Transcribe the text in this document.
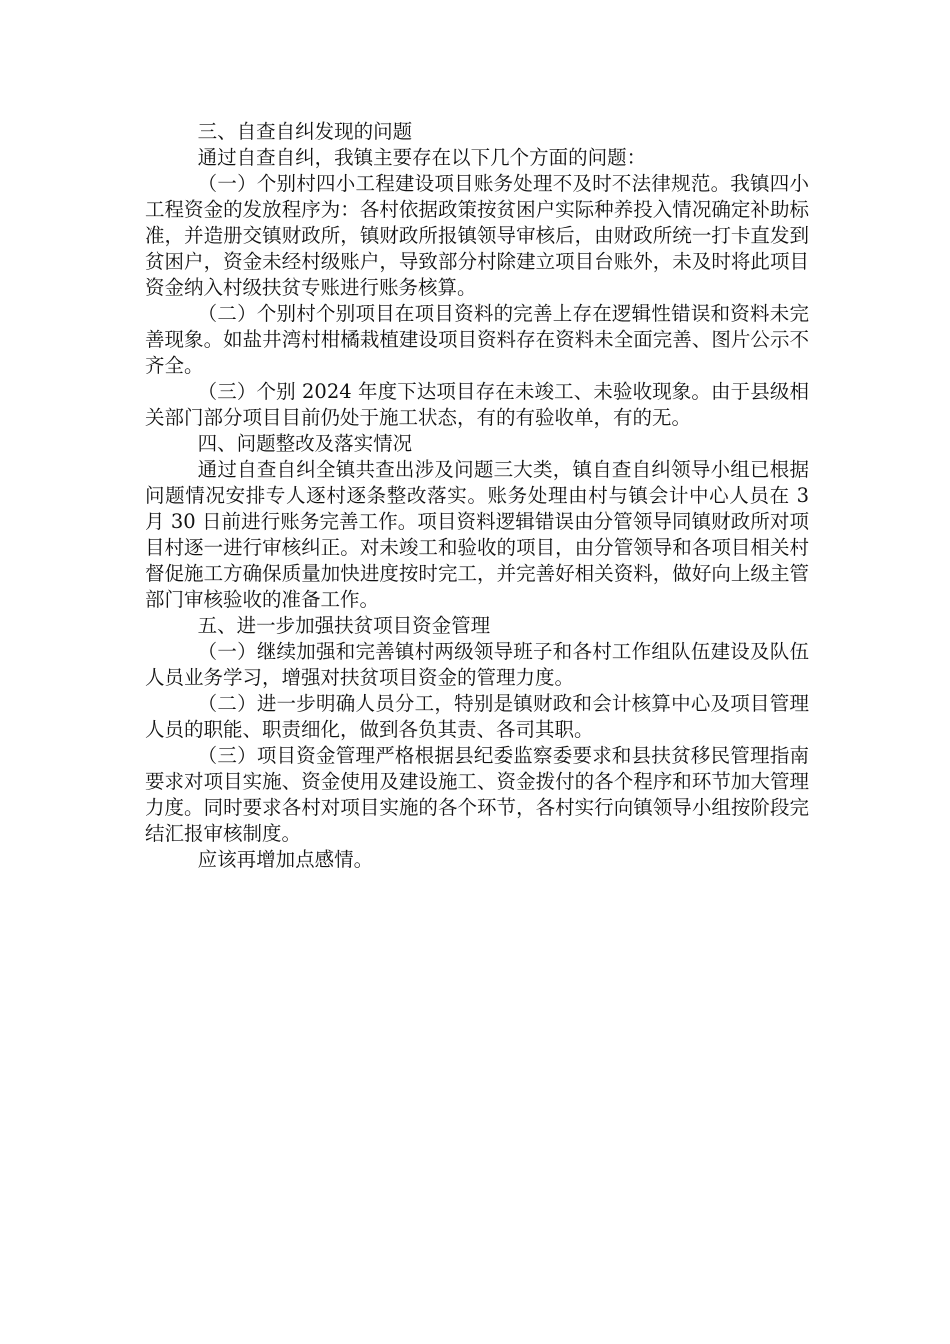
三、自查自纠发现的问题

通过自查自纠，我镇主要存在以下几个方面的问题：

（一）个别村四小工程建设项目账务处理不及时不法律规范。我镇四小工程资金的发放程序为：各村依据政策按贫困户实际种养投入情况确定补助标准，并造册交镇财政所，镇财政所报镇领导审核后，由财政所统一打卡直发到贫困户，资金未经村级账户，导致部分村除建立项目台账外，未及时将此项目资金纳入村级扶贫专账进行账务核算。

（二）个别村个别项目在项目资料的完善上存在逻辑性错误和资料未完善现象。如盐井湾村柑橘栽植建设项目资料存在资料未全面完善、图片公示不齐全。

（三）个别 2024 年度下达项目存在未竣工、未验收现象。由于县级相关部门部分项目目前仍处于施工状态，有的有验收单，有的无。

四、问题整改及落实情况

通过自查自纠全镇共查出涉及问题三大类，镇自查自纠领导小组已根据问题情况安排专人逐村逐条整改落实。账务处理由村与镇会计中心人员在 3 月 30 日前进行账务完善工作。项目资料逻辑错误由分管领导同镇财政所对项目村逐一进行审核纠正。对未竣工和验收的项目，由分管领导和各项目相关村督促施工方确保质量加快进度按时完工，并完善好相关资料，做好向上级主管部门审核验收的准备工作。

五、进一步加强扶贫项目资金管理

（一）继续加强和完善镇村两级领导班子和各村工作组队伍建设及队伍人员业务学习，增强对扶贫项目资金的管理力度。

（二）进一步明确人员分工，特别是镇财政和会计核算中心及项目管理人员的职能、职责细化，做到各负其责、各司其职。

（三）项目资金管理严格根据县纪委监察委要求和县扶贫移民管理指南要求对项目实施、资金使用及建设施工、资金拨付的各个程序和环节加大管理力度。同时要求各村对项目实施的各个环节，各村实行向镇领导小组按阶段完结汇报审核制度。

应该再增加点感情。
